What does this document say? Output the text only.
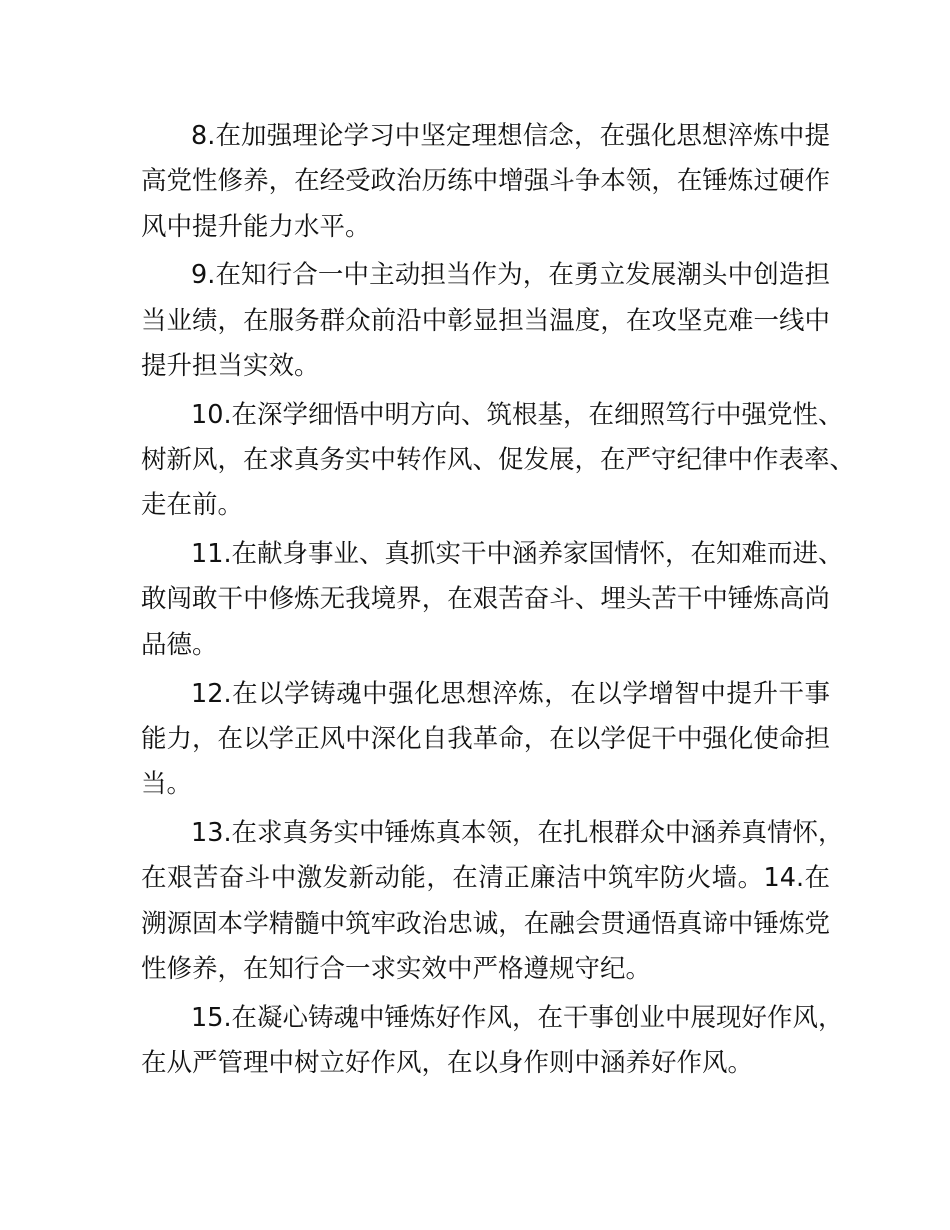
8.在加强理论学习中坚定理想信念，在强化思想淬炼中提
高党性修养，在经受政治历练中增强斗争本领，在锤炼过硬作
风中提升能力水平。
9.在知行合一中主动担当作为，在勇立发展潮头中创造担
当业绩，在服务群众前沿中彰显担当温度，在攻坚克难一线中
提升担当实效。
10.在深学细悟中明方向、筑根基，在细照笃行中强党性、
树新风，在求真务实中转作风、促发展，在严守纪律中作表率、
走在前。
11.在献身事业、真抓实干中涵养家国情怀，在知难而进、
敢闯敢干中修炼无我境界，在艰苦奋斗、埋头苦干中锤炼高尚
品德。
12.在以学铸魂中强化思想淬炼，在以学增智中提升干事
能力，在以学正风中深化自我革命，在以学促干中强化使命担
当。
13.在求真务实中锤炼真本领，在扎根群众中涵养真情怀，
在艰苦奋斗中激发新动能，在清正廉洁中筑牢防火墙。14.在
溯源固本学精髓中筑牢政治忠诚，在融会贯通悟真谛中锤炼党
性修养，在知行合一求实效中严格遵规守纪。
15.在凝心铸魂中锤炼好作风，在干事创业中展现好作风，
在从严管理中树立好作风，在以身作则中涵养好作风。
